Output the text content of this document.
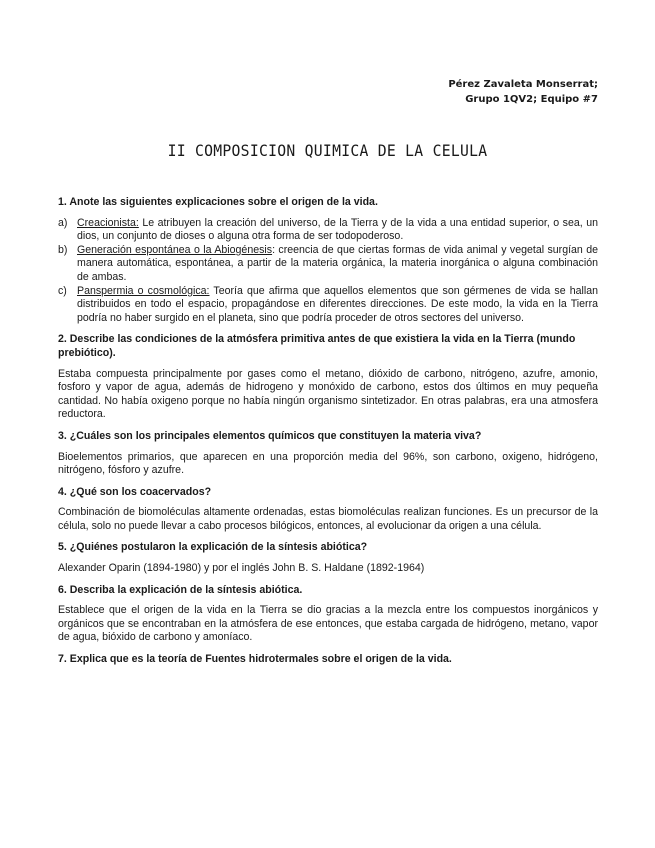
Pérez Zavaleta Monserrat;
Grupo 1QV2; Equipo #7
II COMPOSICION QUIMICA DE LA CELULA
1. Anote las siguientes explicaciones sobre el origen de la vida.
a) Creacionista: Le atribuyen la creación del universo, de la Tierra y de la vida a una entidad superior, o sea, un dios, un conjunto de dioses o alguna otra forma de ser todopoderoso.
b) Generación espontánea o la Abiogénesis: creencia de que ciertas formas de vida animal y vegetal surgían de manera automática, espontánea, a partir de la materia orgánica, la materia inorgánica o alguna combinación de ambas.
c) Panspermia o cosmológica: Teoría que afirma que aquellos elementos que son gérmenes de vida se hallan distribuidos en todo el espacio, propagándose en diferentes direcciones. De este modo, la vida en la Tierra podría no haber surgido en el planeta, sino que podría proceder de otros sectores del universo.
2. Describe las condiciones de la atmósfera primitiva antes de que existiera la vida en la Tierra (mundo prebiótico).
Estaba compuesta principalmente por gases como el metano, dióxido de carbono, nitrógeno, azufre, amonio, fosforo y vapor de agua, además de hidrogeno y monóxido de carbono, estos dos últimos en muy pequeña cantidad. No había oxigeno porque no había ningún organismo sintetizador. En otras palabras, era una atmosfera reductora.
3. ¿Cuáles son los principales elementos químicos que constituyen la materia viva?
Bioelementos primarios, que aparecen en una proporción media del 96%, son carbono, oxigeno, hidrógeno, nitrógeno, fósforo y azufre.
4. ¿Qué son los coacervados?
Combinación de biomoléculas altamente ordenadas, estas biomoléculas realizan funciones. Es un precursor de la célula, solo no puede llevar a cabo procesos bilógicos, entonces, al evolucionar da origen a una célula.
5. ¿Quiénes postularon la explicación de la síntesis abiótica?
Alexander Oparin (1894-1980) y por el inglés John B. S. Haldane (1892-1964)
6. Describa la explicación de la síntesis abiótica.
Establece que el origen de la vida en la Tierra se dio gracias a la mezcla entre los compuestos inorgánicos y orgánicos que se encontraban en la atmósfera de ese entonces, que estaba cargada de hidrógeno, metano, vapor de agua, bióxido de carbono y amoníaco.
7. Explica que es la teoría de Fuentes hidrotermales sobre el origen de la vida.
